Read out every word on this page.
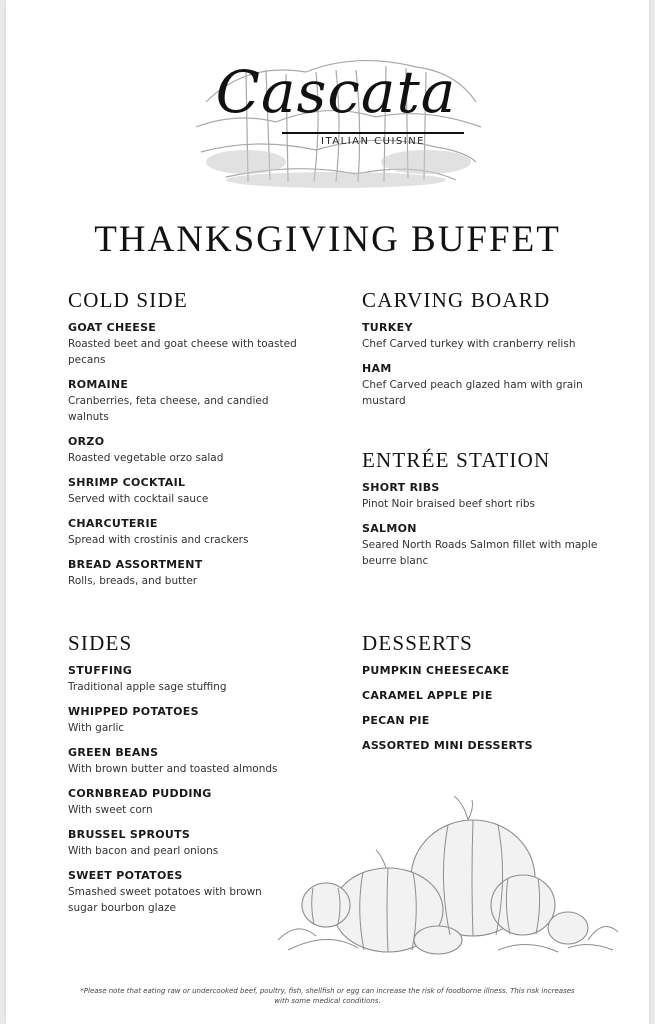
Cascata
ITALIAN CUISINE
THANKSGIVING BUFFET
COLD SIDE
GOAT CHEESE
Roasted beet and goat cheese with toasted pecans
ROMAINE
Cranberries, feta cheese, and candied walnuts
ORZO
Roasted vegetable orzo salad
SHRIMP COCKTAIL
Served with cocktail sauce
CHARCUTERIE
Spread with crostinis and crackers
BREAD ASSORTMENT
Rolls, breads, and butter
CARVING BOARD
TURKEY
Chef Carved turkey with cranberry relish
HAM
Chef Carved peach glazed ham with grain mustard
ENTRÉE STATION
SHORT RIBS
Pinot Noir braised beef short ribs
SALMON
Seared North Roads Salmon fillet with maple beurre blanc
SIDES
STUFFING
Traditional apple sage stuffing
WHIPPED POTATOES
With garlic
GREEN BEANS
With brown butter and toasted almonds
CORNBREAD PUDDING
With sweet corn
BRUSSEL SPROUTS
With bacon and pearl onions
SWEET POTATOES
Smashed sweet potatoes with brown sugar bourbon glaze
DESSERTS
PUMPKIN CHEESECAKE
CARAMEL APPLE PIE
PECAN PIE
ASSORTED MINI DESSERTS
*Please note that eating raw or undercooked beef, poultry, fish, shellfish or egg can increase the risk of foodborne illness. This risk increases with some medical conditions.
